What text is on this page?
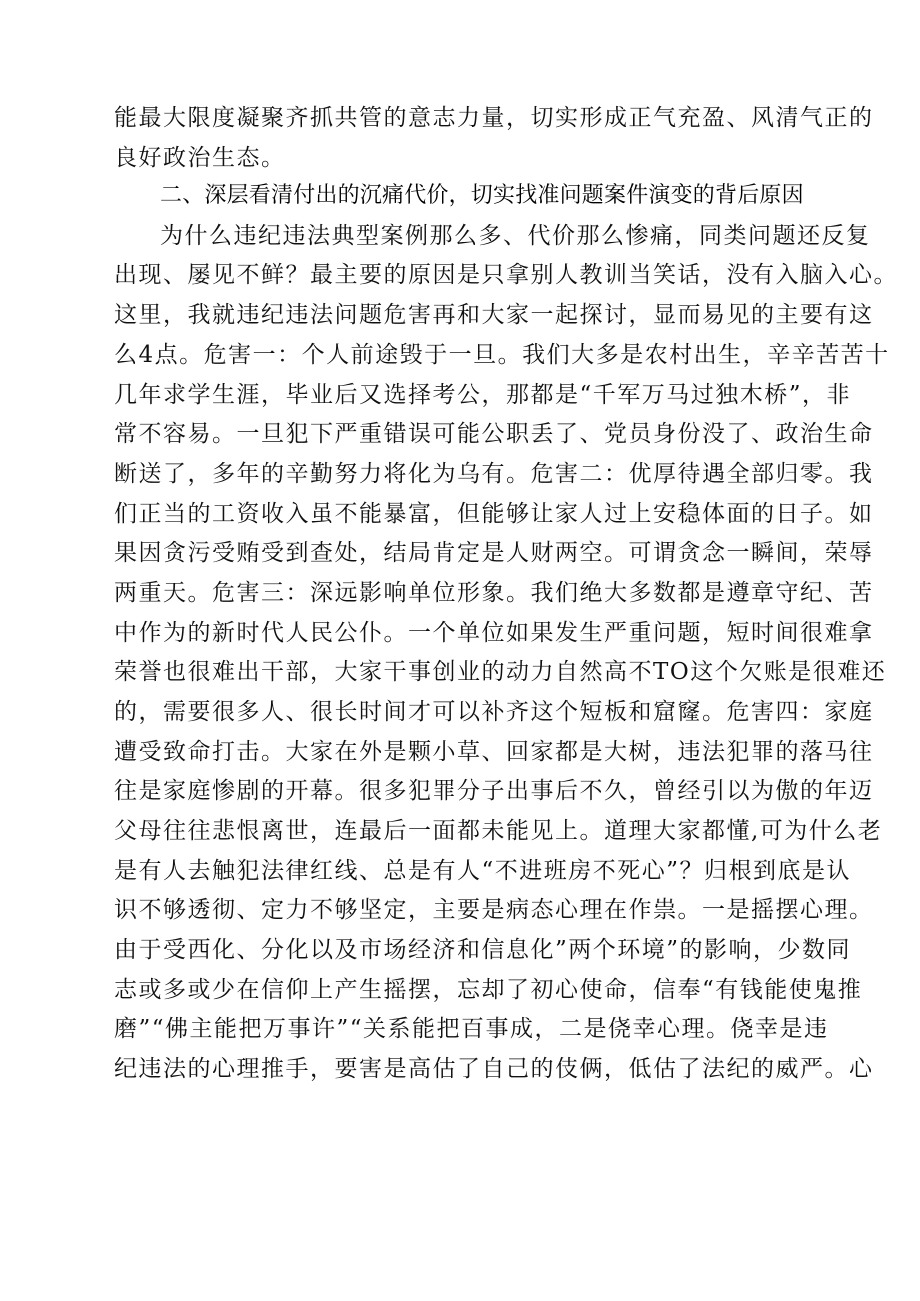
能最大限度凝聚齐抓共管的意志力量，切实形成正气充盈、风清气正的
良好政治生态。
二、深层看清付出的沉痛代价，切实找准问题案件演变的背后原因
为什么违纪违法典型案例那么多、代价那么惨痛，同类问题还反复
出现、屡见不鲜？最主要的原因是只拿别人教训当笑话，没有入脑入心。
这里，我就违纪违法问题危害再和大家一起探讨，显而易见的主要有这
么4点。危害一：个人前途毁于一旦。我们大多是农村出生，辛辛苦苦十
几年求学生涯，毕业后又选择考公，那都是“千军万马过独木桥”，非
常不容易。一旦犯下严重错误可能公职丢了、党员身份没了、政治生命
断送了，多年的辛勤努力将化为乌有。危害二：优厚待遇全部归零。我
们正当的工资收入虽不能暴富，但能够让家人过上安稳体面的日子。如
果因贪污受贿受到查处，结局肯定是人财两空。可谓贪念一瞬间，荣辱
两重天。危害三：深远影响单位形象。我们绝大多数都是遵章守纪、苦
中作为的新时代人民公仆。一个单位如果发生严重问题，短时间很难拿
荣誉也很难出干部，大家干事创业的动力自然高不TO这个欠账是很难还
的，需要很多人、很长时间才可以补齐这个短板和窟窿。危害四：家庭
遭受致命打击。大家在外是颗小草、回家都是大树，违法犯罪的落马往
往是家庭惨剧的开幕。很多犯罪分子出事后不久，曾经引以为傲的年迈
父母往往悲恨离世，连最后一面都未能见上。道理大家都懂,可为什么老
是有人去触犯法律红线、总是有人“不进班房不死心”？归根到底是认
识不够透彻、定力不够坚定，主要是病态心理在作祟。一是摇摆心理。
由于受西化、分化以及市场经济和信息化”两个环境”的影响，少数同
志或多或少在信仰上产生摇摆，忘却了初心使命，信奉“有钱能使鬼推
磨”“佛主能把万事许”“关系能把百事成，二是侥幸心理。侥幸是违
纪违法的心理推手，要害是高估了自己的伎俩，低估了法纪的威严。心
